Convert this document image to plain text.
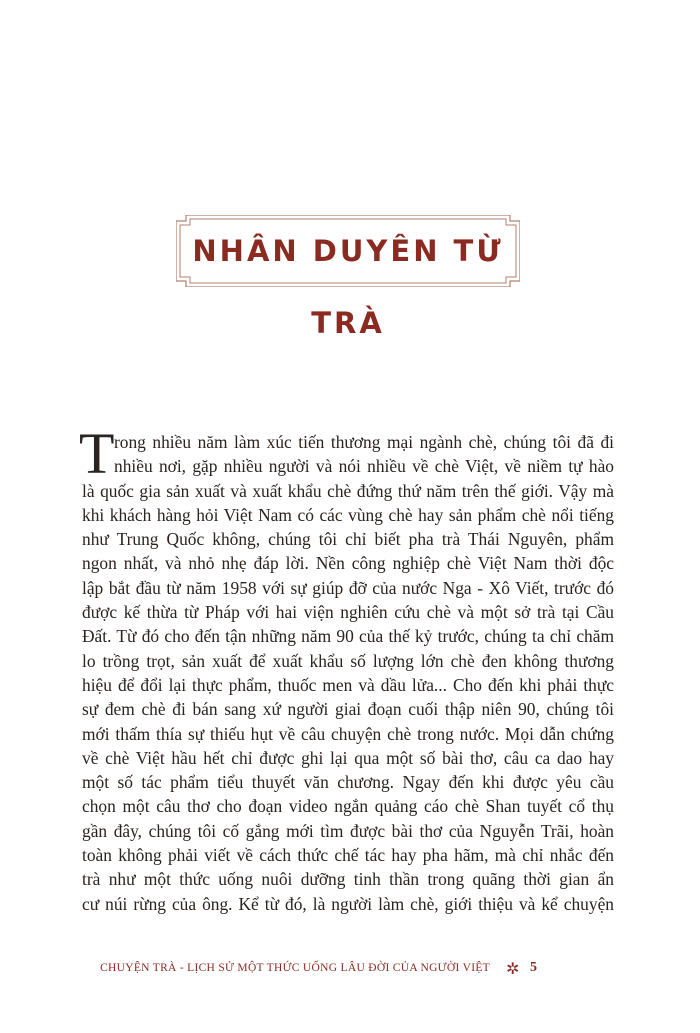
NHÂN DUYÊN TỪ TRÀ
T rong nhiều năm làm xúc tiến thương mại ngành chè, chúng tôi đã đi
nhiều nơi, gặp nhiều người và nói nhiều về chè Việt, về niềm tự hào
là quốc gia sản xuất và xuất khẩu chè đứng thứ năm trên thế giới. Vậy mà
khi khách hàng hỏi Việt Nam có các vùng chè hay sản phẩm chè nổi tiếng
như Trung Quốc không, chúng tôi chỉ biết pha trà Thái Nguyên, phẩm
ngon nhất, và nhỏ nhẹ đáp lời. Nền công nghiệp chè Việt Nam thời độc
lập bắt đầu từ năm 1958 với sự giúp đỡ của nước Nga - Xô Viết, trước đó
được kế thừa từ Pháp với hai viện nghiên cứu chè và một sở trà tại Cầu
Đất. Từ đó cho đến tận những năm 90 của thế kỷ trước, chúng ta chỉ chăm
lo trồng trọt, sản xuất để xuất khẩu số lượng lớn chè đen không thương
hiệu để đổi lại thực phẩm, thuốc men và dầu lửa... Cho đến khi phải thực
sự đem chè đi bán sang xứ người giai đoạn cuối thập niên 90, chúng tôi
mới thấm thía sự thiếu hụt về câu chuyện chè trong nước. Mọi dẫn chứng
về chè Việt hầu hết chỉ được ghi lại qua một số bài thơ, câu ca dao hay
một số tác phẩm tiểu thuyết văn chương. Ngay đến khi được yêu cầu
chọn một câu thơ cho đoạn video ngắn quảng cáo chè Shan tuyết cổ thụ
gần đây, chúng tôi cố gắng mới tìm được bài thơ của Nguyễn Trãi, hoàn
toàn không phải viết về cách thức chế tác hay pha hãm, mà chỉ nhắc đến
trà như một thức uống nuôi dưỡng tinh thần trong quãng thời gian ẩn
cư núi rừng của ông. Kể từ đó, là người làm chè, giới thiệu và kể chuyện
CHUYỆN TRÀ - LỊCH SỬ MỘT THỨC UỐNG LÂU ĐỜI CỦA NGƯỜI VIỆT ✲ 5
